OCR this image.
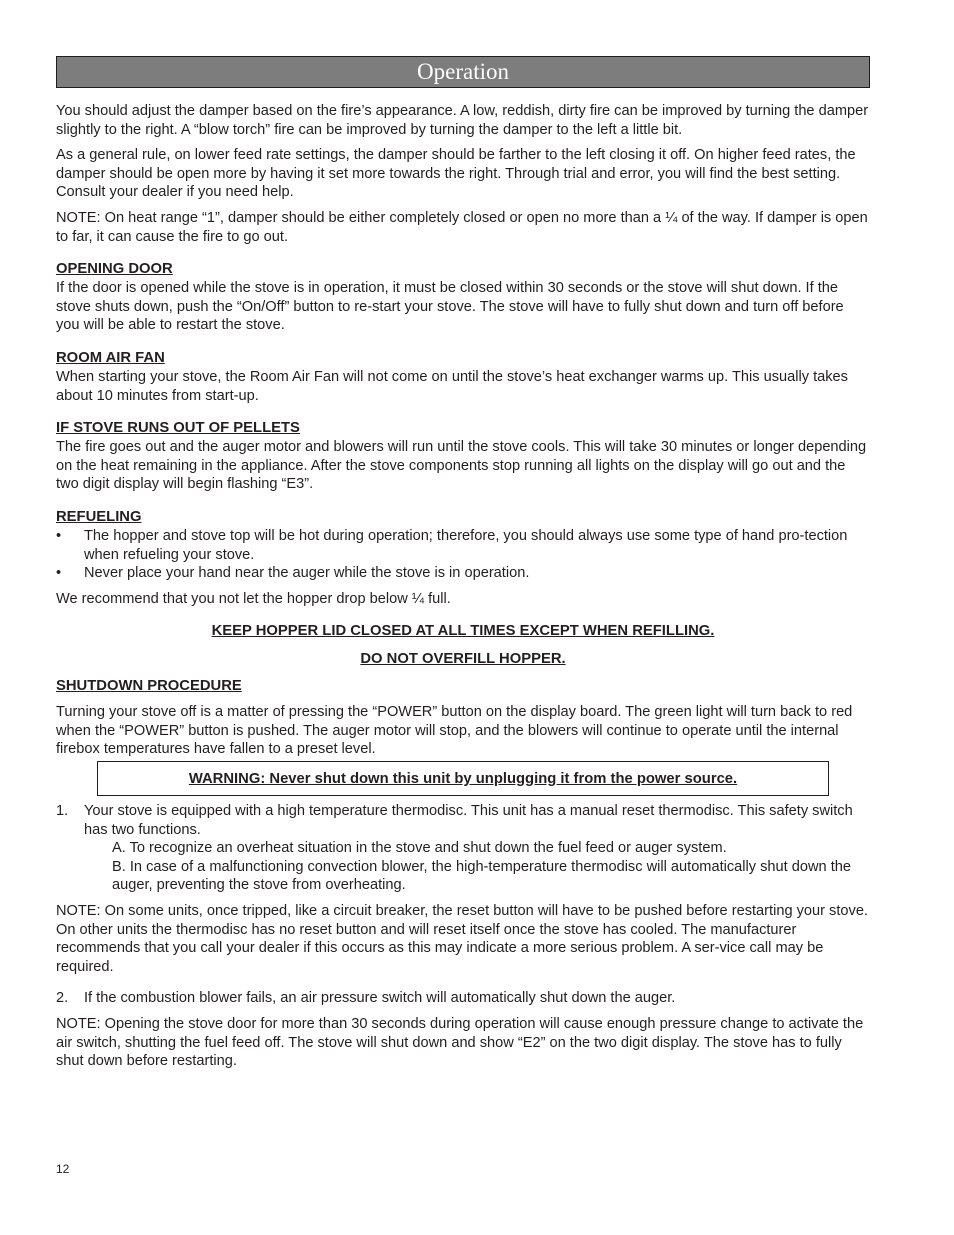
Operation

You should adjust the damper based on the fire’s appearance. A low, reddish, dirty fire can be improved by turning the damper slightly to the right. A “blow torch” fire can be improved by turning the damper to the left a little bit.

As a general rule, on lower feed rate settings, the damper should be farther to the left closing it off. On higher feed rates, the damper should be open more by having it set more towards the right. Through trial and error, you will find the best setting. Consult your dealer if you need help.

NOTE: On heat range “1”, damper should be either completely closed or open no more than a ¼ of the way. If damper is open to far, it can cause the fire to go out.

OPENING DOOR

If the door is opened while the stove is in operation, it must be closed within 30 seconds or the stove will shut down. If the stove shuts down, push the “On/Off” button to re-start your stove. The stove will have to fully shut down and turn off before you will be able to restart the stove.

ROOM AIR FAN

When starting your stove, the Room Air Fan will not come on until the stove’s heat exchanger warms up. This usually takes about 10 minutes from start-up.

IF STOVE RUNS OUT OF PELLETS

The fire goes out and the auger motor and blowers will run until the stove cools. This will take 30 minutes or longer depending on the heat remaining in the appliance. After the stove components stop running all lights on the display will go out and the two digit display will begin flashing “E3”.

REFUELING
• The hopper and stove top will be hot during operation; therefore, you should always use some type of hand pro-tection when refueling your stove.
• Never place your hand near the auger while the stove is in operation.

We recommend that you not let the hopper drop below ¼ full.

KEEP HOPPER LID CLOSED AT ALL TIMES EXCEPT WHEN REFILLING.
DO NOT OVERFILL HOPPER.
SHUTDOWN PROCEDURE

Turning your stove off is a matter of pressing the “POWER” button on the display board. The green light will turn back to red when the “POWER” button is pushed. The auger motor will stop, and the blowers will continue to operate until the internal firebox temperatures have fallen to a preset level.

WARNING: Never shut down this unit by unplugging it from the power source.
1. Your stove is equipped with a high temperature thermodisc. This unit has a manual reset thermodisc. This safety switch has two functions.
A. To recognize an overheat situation in the stove and shut down the fuel feed or auger system.
B. In case of a malfunctioning convection blower, the high-temperature thermodisc will automatically shut down the auger, preventing the stove from overheating.

NOTE: On some units, once tripped, like a circuit breaker, the reset button will have to be pushed before restarting your stove. On other units the thermodisc has no reset button and will reset itself once the stove has cooled. The manufacturer recommends that you call your dealer if this occurs as this may indicate a more serious problem. A ser-vice call may be required.

2. If the combustion blower fails, an air pressure switch will automatically shut down the auger.

NOTE: Opening the stove door for more than 30 seconds during operation will cause enough pressure change to activate the air switch, shutting the fuel feed off. The stove will shut down and show “E2” on the two digit display. The stove has to fully shut down before restarting.

12
